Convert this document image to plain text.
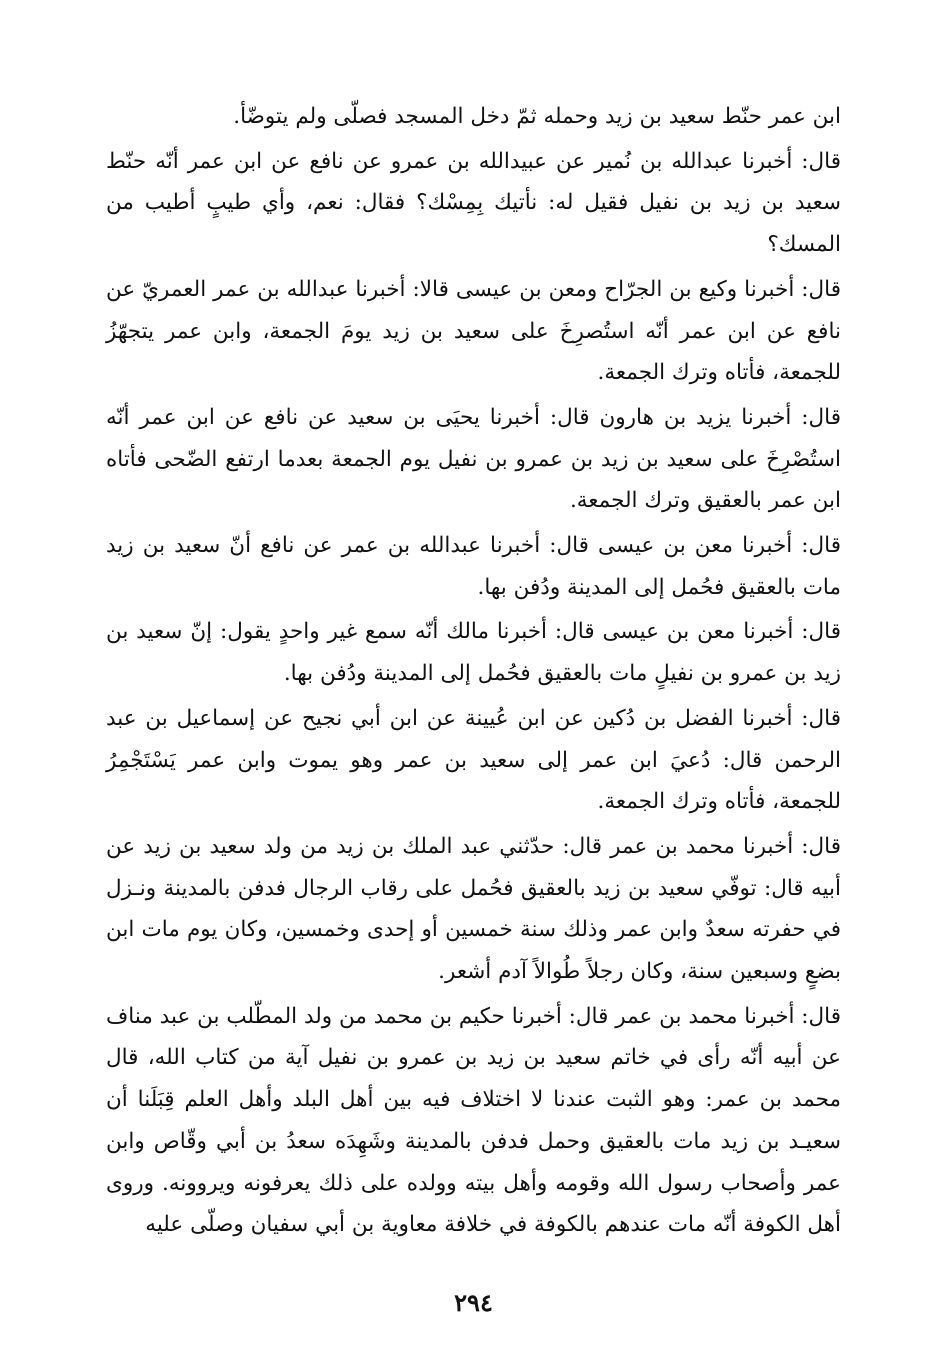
ابن عمر حنّط سعيد بن زيد وحمله ثمّ دخل المسجد فصلّى ولم يتوضّأ.

قال: أخبرنا عبدالله بن نُمير عن عبيدالله بن عمرو عن نافع عن ابن عمر أنّه حنّط سعيد بن زيد بن نفيل فقيل له: نأتيك بِمِسْك؟ فقال: نعم، وأي طيبٍ أطيب من المسك؟

قال: أخبرنا وكيع بن الجرّاح ومعن بن عيسى قالا: أخبرنا عبدالله بن عمر العمريّ عن نافع عن ابن عمر أنّه استُصرِخَ على سعيد بن زيد يومَ الجمعة، وابن عمر يتجهّزُ للجمعة، فأتاه وترك الجمعة.

قال: أخبرنا يزيد بن هارون قال: أخبرنا يحيَى بن سعيد عن نافع عن ابن عمر أنّه استُصْرِخَ على سعيد بن زيد بن عمرو بن نفيل يوم الجمعة بعدما ارتفع الضّحى فأتاه ابن عمر بالعقيق وترك الجمعة.

قال: أخبرنا معن بن عيسى قال: أخبرنا عبدالله بن عمر عن نافع أنّ سعيد بن زيد مات بالعقيق فحُمل إلى المدينة ودُفن بها.

قال: أخبرنا معن بن عيسى قال: أخبرنا مالك أنّه سمع غير واحدٍ يقول: إنّ سعيد بن زيد بن عمرو بن نفيلٍ مات بالعقيق فحُمل إلى المدينة ودُفن بها.

قال: أخبرنا الفضل بن دُكين عن ابن عُيينة عن ابن أبي نجيح عن إسماعيل بن عبد الرحمن قال: دُعيَ ابن عمر إلى سعيد بن عمر وهو يموت وابن عمر يَسْتَجْمِرُ للجمعة، فأتاه وترك الجمعة.

قال: أخبرنا محمد بن عمر قال: حدّثني عبد الملك بن زيد من ولد سعيد بن زيد عن أبيه قال: توفّي سعيد بن زيد بالعقيق فحُمل على رقاب الرجال فدفن بالمدينة ونـزل في حفرته سعدٌ وابن عمر وذلك سنة خمسين أو إحدى وخمسين، وكان يوم مات ابن بضعٍ وسبعين سنة، وكان رجلاً طُوالاً آدم أشعر.

قال: أخبرنا محمد بن عمر قال: أخبرنا حكيم بن محمد من ولد المطّلب بن عبد مناف عن أبيه أنّه رأى في خاتم سعيد بن زيد بن عمرو بن نفيل آية من كتاب الله، قال محمد بن عمر: وهو الثبت عندنا لا اختلاف فيه بين أهل البلد وأهل العلم قِبَلَنا أن سعيـد بن زيد مات بالعقيق وحمل فدفن بالمدينة وشَهِدَه سعدُ بن أبي وقّاص وابن عمر وأصحاب رسول الله وقومه وأهل بيته وولده على ذلك يعرفونه ويروونه. وروى أهل الكوفة أنّه مات عندهم بالكوفة في خلافة معاوية بن أبي سفيان وصلّى عليه

٢٩٤
